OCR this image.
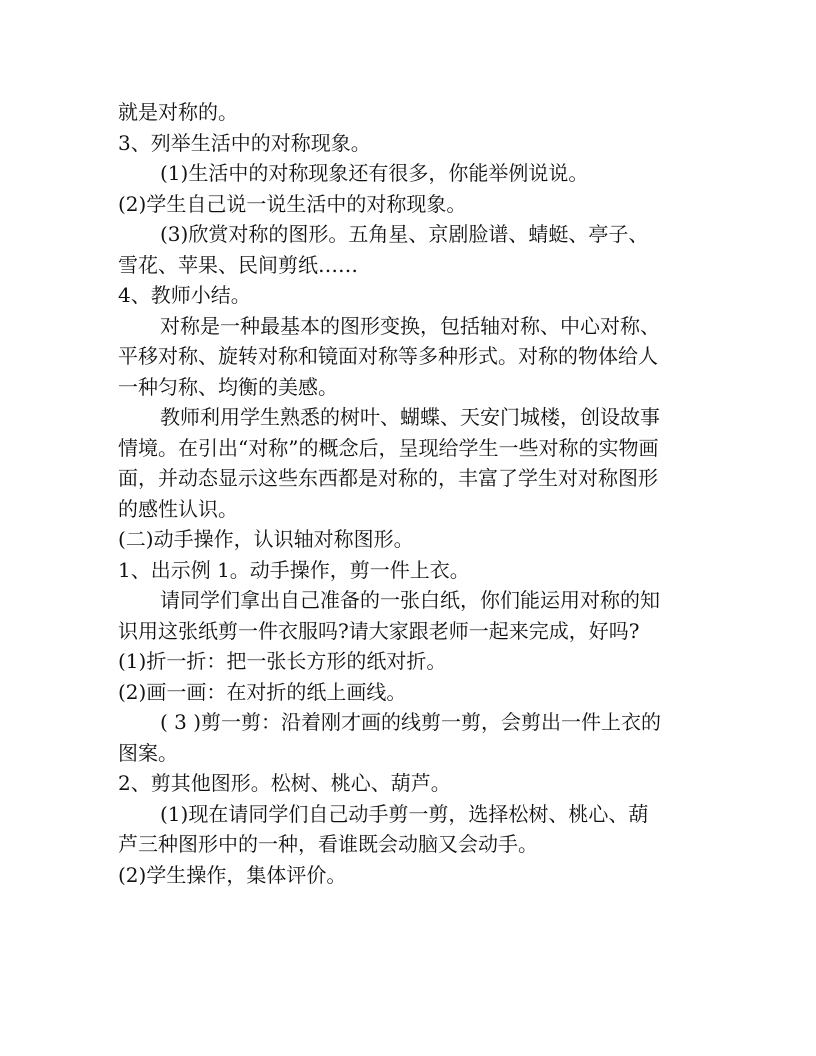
就是对称的。

3、列举生活中的对称现象。

(1)生活中的对称现象还有很多，你能举例说说。

(2)学生自己说一说生活中的对称现象。

(3)欣赏对称的图形。五角星、京剧脸谱、蜻蜓、亭子、

雪花、苹果、民间剪纸……

4、教师小结。

对称是一种最基本的图形变换，包括轴对称、中心对称、

平移对称、旋转对称和镜面对称等多种形式。对称的物体给人

一种匀称、均衡的美感。

教师利用学生熟悉的树叶、蝴蝶、天安门城楼，创设故事

情境。在引出“对称”的概念后，呈现给学生一些对称的实物画

面，并动态显示这些东西都是对称的，丰富了学生对对称图形

的感性认识。

(二)动手操作，认识轴对称图形。

1、出示例 1。动手操作，剪一件上衣。

请同学们拿出自己准备的一张白纸，你们能运用对称的知

识用这张纸剪一件衣服吗?请大家跟老师一起来完成，好吗?

(1)折一折：把一张长方形的纸对折。

(2)画一画：在对折的纸上画线。

( 3 )剪一剪：沿着刚才画的线剪一剪，会剪出一件上衣的

图案。

2、剪其他图形。松树、桃心、葫芦。

(1)现在请同学们自己动手剪一剪，选择松树、桃心、葫

芦三种图形中的一种，看谁既会动脑又会动手。

(2)学生操作，集体评价。
